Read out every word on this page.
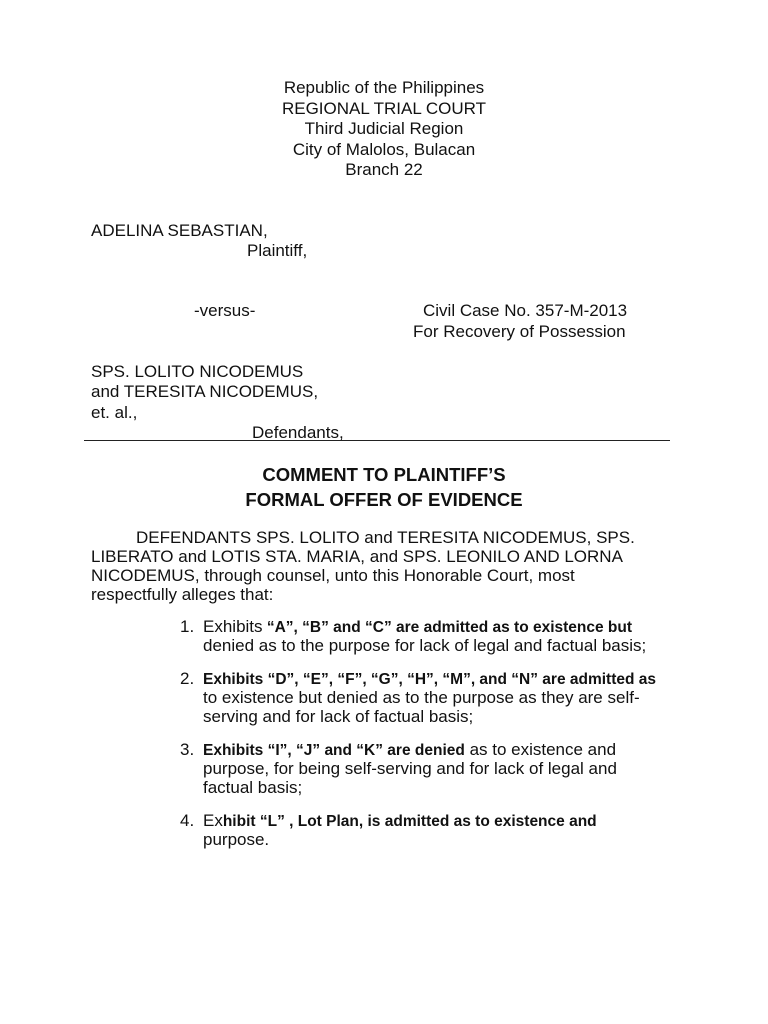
Republic of the Philippines
REGIONAL TRIAL COURT
Third Judicial Region
City of Malolos, Bulacan
Branch 22
ADELINA SEBASTIAN,
Plaintiff,
-versus-	Civil Case No. 357-M-2013
For Recovery of Possession
SPS. LOLITO NICODEMUS
and TERESITA NICODEMUS,
et. al.,
Defendants,
COMMENT TO PLAINTIFF’S
FORMAL OFFER OF EVIDENCE
DEFENDANTS SPS. LOLITO and TERESITA NICODEMUS, SPS.
LIBERATO and LOTIS STA. MARIA, and SPS. LEONILO AND LORNA
NICODEMUS, through counsel, unto this Honorable Court, most
respectfully alleges that:
1. Exhibits “A”, “B” and “C” are admitted as to existence but
denied as to the purpose for lack of legal and factual basis;
2. Exhibits “D”, “E”, “F”, “G”, “H”, “M”, and “N” are admitted as
to existence but denied as to the purpose as they are self-
serving and for lack of factual basis;
3. Exhibits “I”, “J” and “K” are denied as to existence and
purpose, for being self-serving and for lack of legal and
factual basis;
4. Exhibit “L” , Lot Plan, is admitted as to existence and
purpose.
